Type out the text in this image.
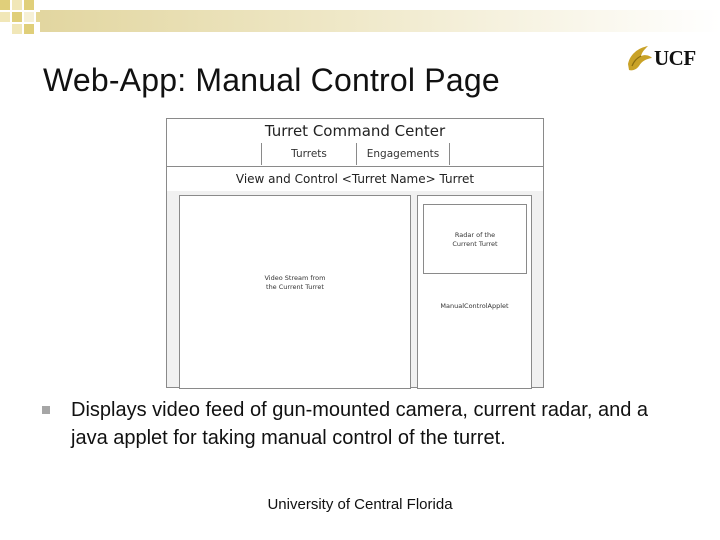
Web-App: Manual Control Page
UCF
Turret Command Center
Turrets	Engagements
View and Control <Turret Name> Turret
Video Stream from
the Current Turret
Radar of the
Current Turret
ManualControlApplet
Displays video feed of gun-mounted camera, current radar, and a java applet for taking manual control of the turret.
University of Central Florida
